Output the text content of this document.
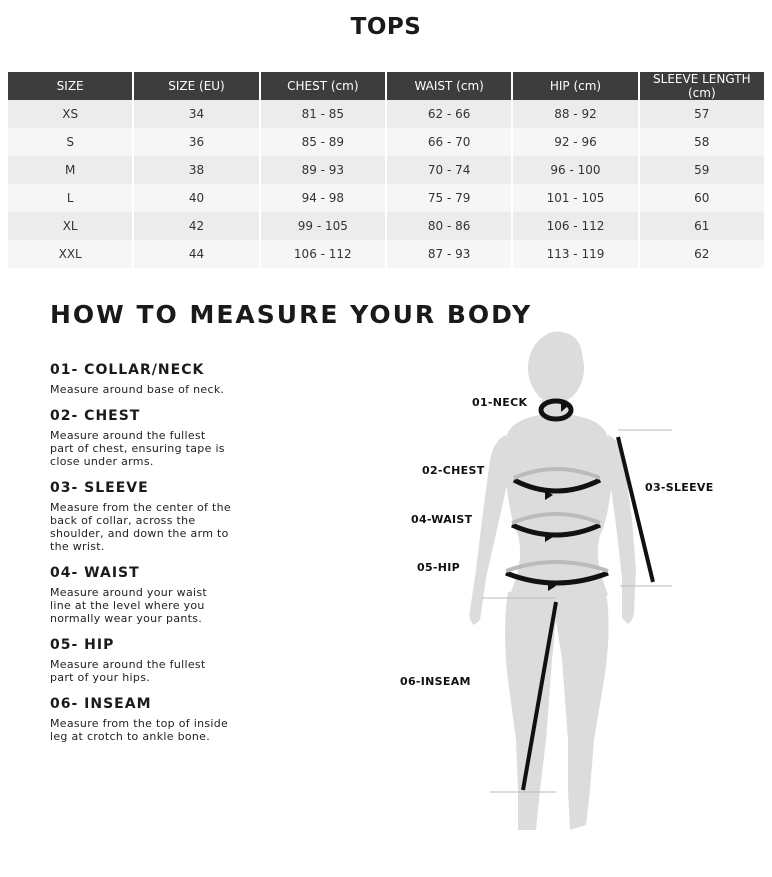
TOPS
SIZE	SIZE (EU)	CHEST (cm)	WAIST (cm)	HIP (cm)	SLEEVE LENGTH (cm)
XS	34	81 - 85	62 - 66	88 - 92	57
S	36	85 - 89	66 - 70	92 - 96	58
M	38	89 - 93	70 - 74	96 - 100	59
L	40	94 - 98	75 - 79	101 - 105	60
XL	42	99 - 105	80 - 86	106 - 112	61
XXL	44	106 - 112	87 - 93	113 - 119	62
HOW TO MEASURE YOUR BODY
01- COLLAR/NECK
Measure around base of neck.
02- CHEST
Measure around the fullest part of chest, ensuring tape is close under arms.
03- SLEEVE
Measure from the center of the back of collar, across the shoulder, and down the arm to the wrist.
04- WAIST
Measure around your waist line at the level where you normally wear your pants.
05- HIP
Measure around the fullest part of your hips.
06- INSEAM
Measure from the top of inside leg at crotch to ankle bone.
01-NECK
02-CHEST
03-SLEEVE
04-WAIST
05-HIP
06-INSEAM
